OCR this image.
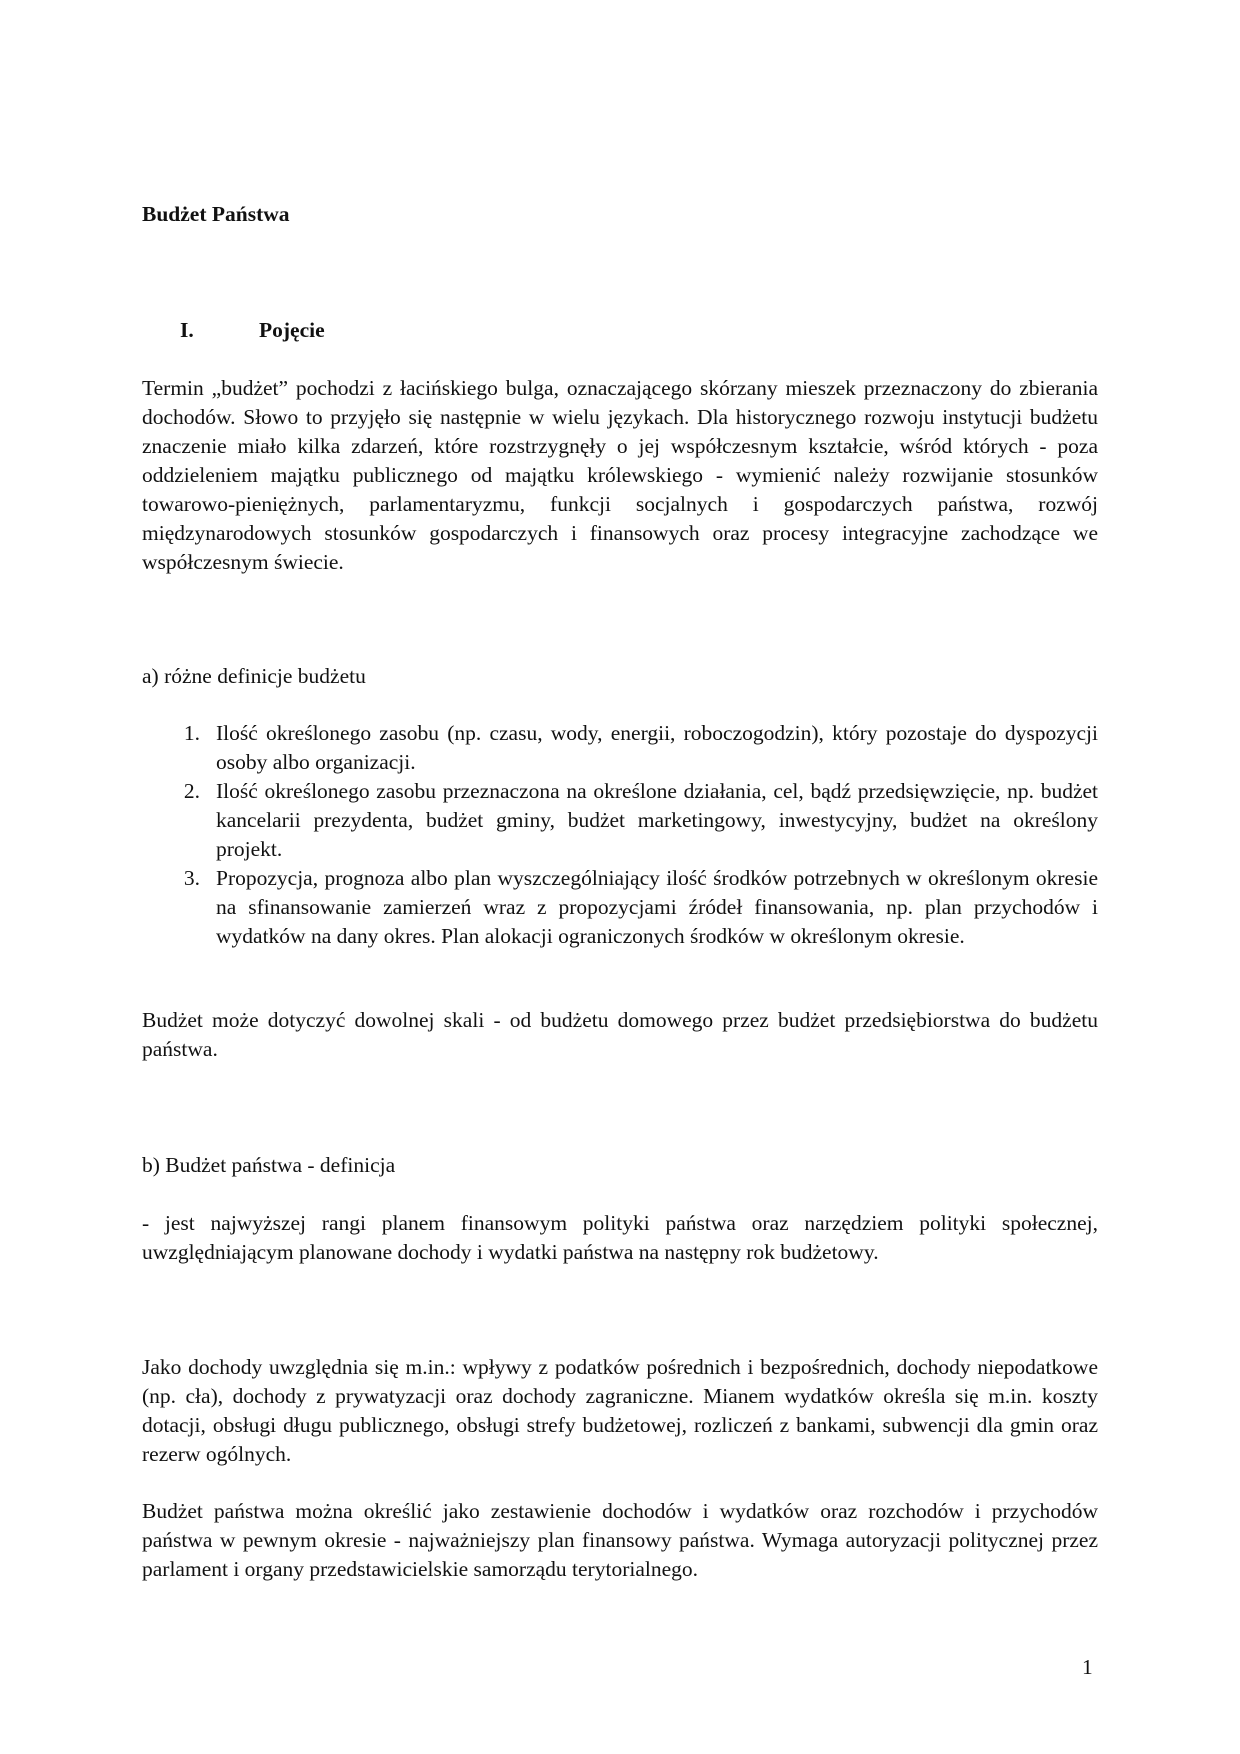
Budżet Państwa
I.	Pojęcie

Termin „budżet” pochodzi z łacińskiego bulga, oznaczającego skórzany mieszek przeznaczony do zbierania dochodów. Słowo to przyjęło się następnie w wielu językach. Dla historycznego rozwoju instytucji budżetu znaczenie miało kilka zdarzeń, które rozstrzygnęły o jej współczesnym kształcie, wśród których - poza oddzieleniem majątku publicznego od majątku królewskiego - wymienić należy rozwijanie stosunków towarowo-pieniężnych, parlamentaryzmu, funkcji socjalnych i gospodarczych państwa, rozwój międzynarodowych stosunków gospodarczych i finansowych oraz procesy integracyjne zachodzące we współczesnym świecie.

a) różne definicje budżetu

1. Ilość określonego zasobu (np. czasu, wody, energii, roboczogodzin), który pozostaje do dyspozycji osoby albo organizacji.
2. Ilość określonego zasobu przeznaczona na określone działania, cel, bądź przedsięwzięcie, np. budżet kancelarii prezydenta, budżet gminy, budżet marketingowy, inwestycyjny, budżet na określony projekt.
3. Propozycja, prognoza albo plan wyszczególniający ilość środków potrzebnych w określonym okresie na sfinansowanie zamierzeń wraz z propozycjami źródeł finansowania, np. plan przychodów i wydatków na dany okres. Plan alokacji ograniczonych środków w określonym okresie.

Budżet może dotyczyć dowolnej skali - od budżetu domowego przez budżet przedsiębiorstwa do budżetu państwa.

b) Budżet państwa - definicja

- jest najwyższej rangi planem finansowym polityki państwa oraz narzędziem polityki społecznej, uwzględniającym planowane dochody i wydatki państwa na następny rok budżetowy.

Jako dochody uwzględnia się m.in.: wpływy z podatków pośrednich i bezpośrednich, dochody niepodatkowe (np. cła), dochody z prywatyzacji oraz dochody zagraniczne. Mianem wydatków określa się m.in. koszty dotacji, obsługi długu publicznego, obsługi strefy budżetowej, rozliczeń z bankami, subwencji dla gmin oraz rezerw ogólnych.

Budżet państwa można określić jako zestawienie dochodów i wydatków oraz rozchodów i przychodów państwa w pewnym okresie - najważniejszy plan finansowy państwa. Wymaga autoryzacji politycznej przez parlament i organy przedstawicielskie samorządu terytorialnego.

1
